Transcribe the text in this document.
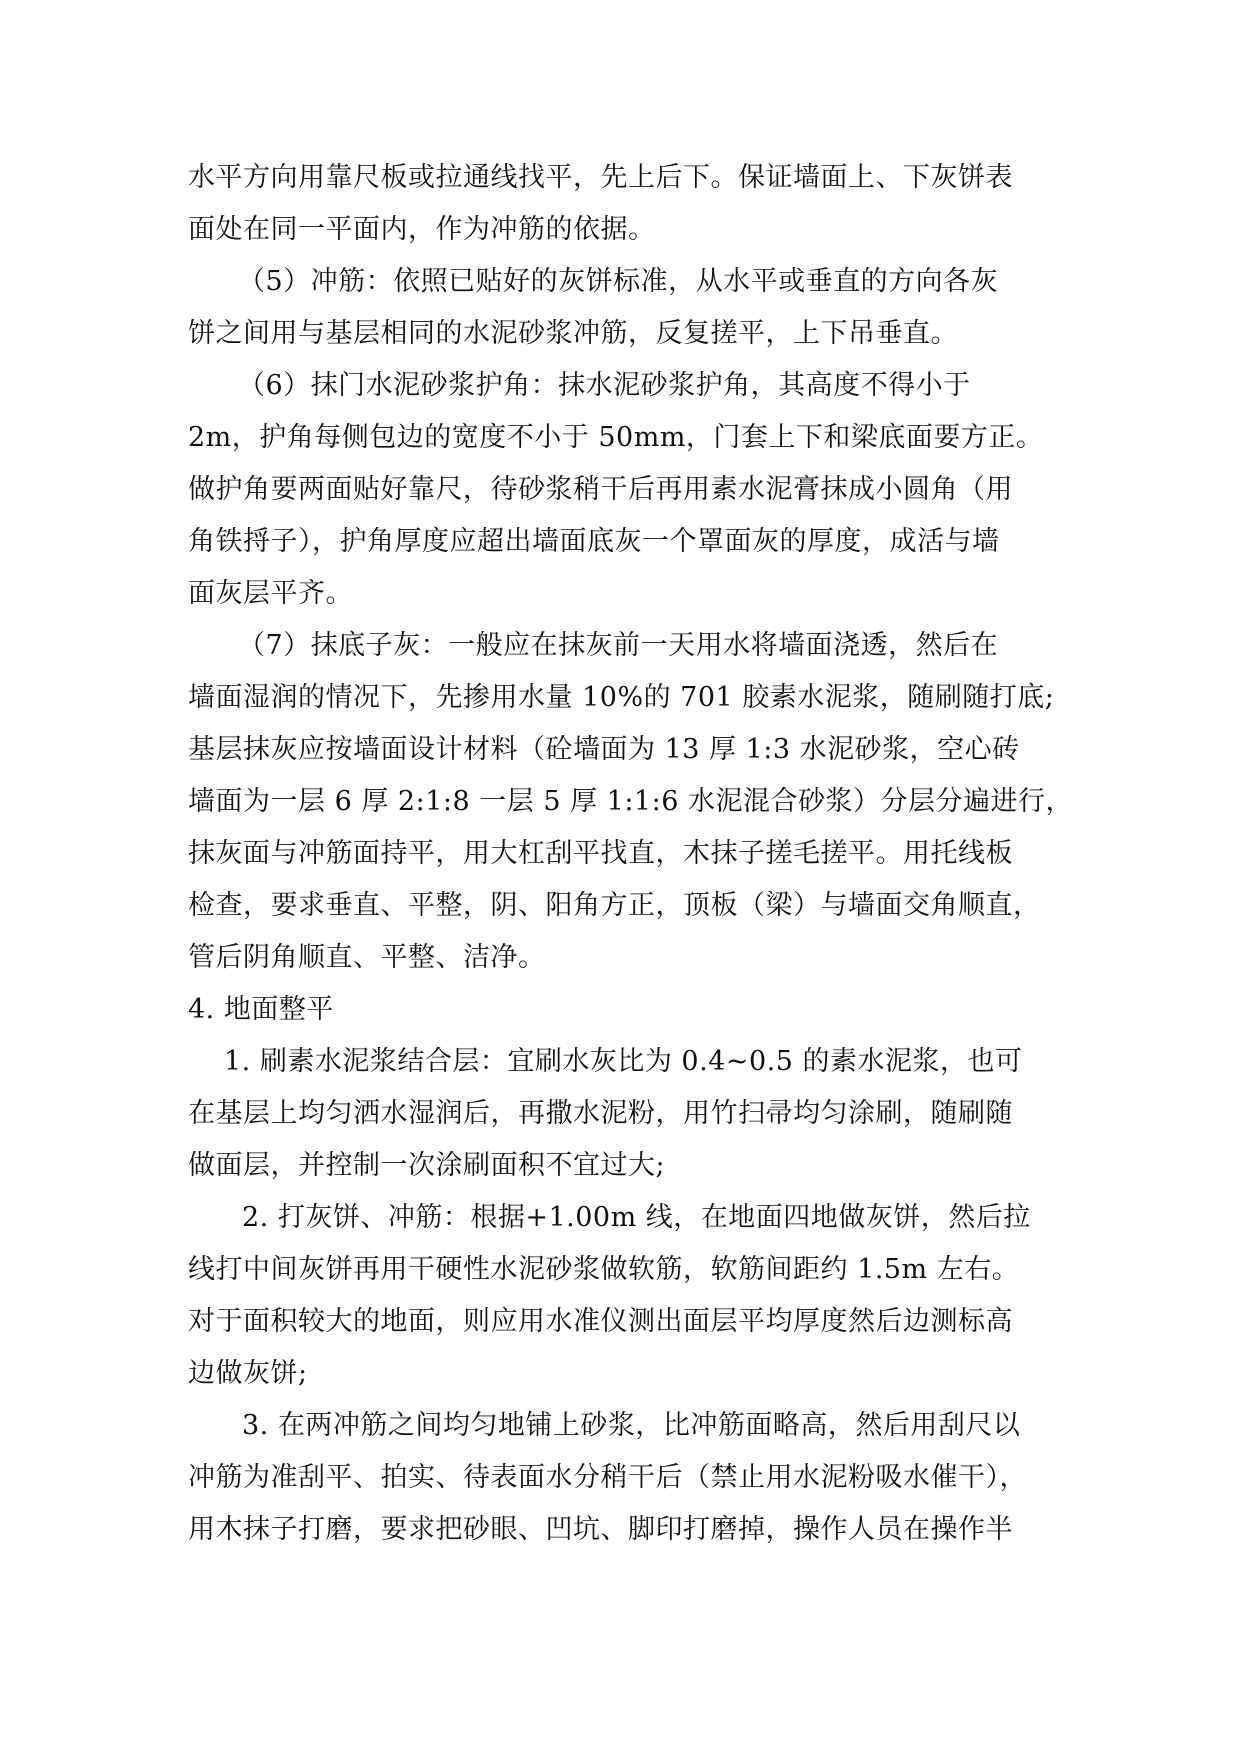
水平方向用靠尺板或拉通线找平，先上后下。保证墙面上、下灰饼表
面处在同一平面内，作为冲筋的依据。
（5）冲筋：依照已贴好的灰饼标准，从水平或垂直的方向各灰
饼之间用与基层相同的水泥砂浆冲筋，反复搓平，上下吊垂直。
（6）抹门水泥砂浆护角：抹水泥砂浆护角，其高度不得小于
2m，护角每侧包边的宽度不小于 50mm，门套上下和梁底面要方正。
做护角要两面贴好靠尺，待砂浆稍干后再用素水泥膏抹成小圆角（用
角铁捋子），护角厚度应超出墙面底灰一个罩面灰的厚度，成活与墙
面灰层平齐。
（7）抹底子灰：一般应在抹灰前一天用水将墙面浇透，然后在
墙面湿润的情况下，先掺用水量 10%的 701 胶素水泥浆，随刷随打底;
基层抹灰应按墙面设计材料（砼墙面为 13 厚 1:3 水泥砂浆，空心砖
墙面为一层 6 厚 2:1:8 一层 5 厚 1:1:6 水泥混合砂浆）分层分遍进行，
抹灰面与冲筋面持平，用大杠刮平找直，木抹子搓毛搓平。用托线板
检查，要求垂直、平整，阴、阳角方正，顶板（梁）与墙面交角顺直，
管后阴角顺直、平整、洁净。
4. 地面整平
1. 刷素水泥浆结合层：宜刷水灰比为 0.4~0.5 的素水泥浆，也可
在基层上均匀洒水湿润后，再撒水泥粉，用竹扫帚均匀涂刷，随刷随
做面层，并控制一次涂刷面积不宜过大;
2. 打灰饼、冲筋：根据+1.00m 线，在地面四地做灰饼，然后拉
线打中间灰饼再用干硬性水泥砂浆做软筋，软筋间距约 1.5m 左右。
对于面积较大的地面，则应用水准仪测出面层平均厚度然后边测标高
边做灰饼;
3. 在两冲筋之间均匀地铺上砂浆，比冲筋面略高，然后用刮尺以
冲筋为准刮平、拍实、待表面水分稍干后（禁止用水泥粉吸水催干），
用木抹子打磨，要求把砂眼、凹坑、脚印打磨掉，操作人员在操作半
